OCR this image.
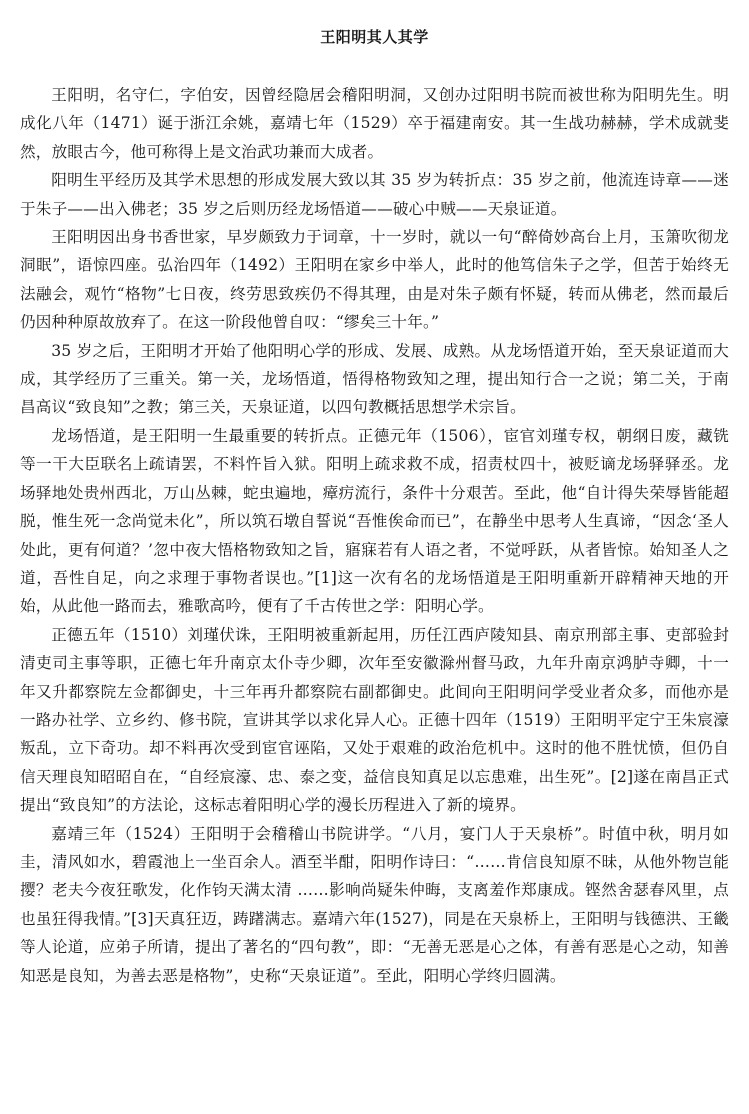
王阳明其人其学

王阳明，名守仁，字伯安，因曾经隐居会稽阳明洞，又创办过阳明书院而被世称为阳明先生。明成化八年（1471）诞于浙江余姚，嘉靖七年（1529）卒于福建南安。其一生战功赫赫，学术成就斐然，放眼古今，他可称得上是文治武功兼而大成者。

阳明生平经历及其学术思想的形成发展大致以其 35 岁为转折点：35 岁之前，他流连诗章——迷于朱子——出入佛老；35 岁之后则历经龙场悟道——破心中贼——天泉证道。

王阳明因出身书香世家，早岁颇致力于词章，十一岁时，就以一句“醉倚妙高台上月，玉箫吹彻龙洞眠”，语惊四座。弘治四年（1492）王阳明在家乡中举人，此时的他笃信朱子之学，但苦于始终无法融会，观竹“格物”七日夜，终劳思致疾仍不得其理，由是对朱子颇有怀疑，转而从佛老，然而最后仍因种种原故放弃了。在这一阶段他曾自叹：“缪矣三十年。”

35 岁之后，王阳明才开始了他阳明心学的形成、发展、成熟。从龙场悟道开始，至天泉证道而大成，其学经历了三重关。第一关，龙场悟道，悟得格物致知之理，提出知行合一之说；第二关，于南昌高议“致良知”之教；第三关，天泉证道，以四句教概括思想学术宗旨。

龙场悟道，是王阳明一生最重要的转折点。正德元年（1506），宦官刘瑾专权，朝纲日废，藏铣等一干大臣联名上疏请罢，不料忤旨入狱。阳明上疏求救不成，招责杖四十，被贬谪龙场驿驿丞。龙场驿地处贵州西北，万山丛棘，蛇虫遍地，瘴疠流行，条件十分艰苦。至此，他“自计得失荣辱皆能超脱，惟生死一念尚觉未化”，所以筑石墩自誓说“吾惟俟命而已”，在静坐中思考人生真谛，“因念‘圣人处此，更有何道？’忽中夜大悟格物致知之旨，寤寐若有人语之者，不觉呼跃，从者皆惊。始知圣人之道，吾性自足，向之求理于事物者误也。”[1]这一次有名的龙场悟道是王阳明重新开辟精神天地的开始，从此他一路而去，雅歌高吟，便有了千古传世之学：阳明心学。

正德五年（1510）刘瑾伏诛，王阳明被重新起用，历任江西庐陵知县、南京刑部主事、吏部验封清吏司主事等职，正德七年升南京太仆寺少卿，次年至安徽滁州督马政，九年升南京鸿胪寺卿，十一年又升都察院左佥都御史，十三年再升都察院右副都御史。此间向王阳明问学受业者众多，而他亦是一路办社学、立乡约、修书院，宣讲其学以求化异人心。正德十四年（1519）王阳明平定宁王朱宸濠叛乱，立下奇功。却不料再次受到宦官诬陷，又处于艰难的政治危机中。这时的他不胜忧愤，但仍自信天理良知昭昭自在，“自经宸濠、忠、泰之变，益信良知真足以忘患难，出生死”。[2]遂在南昌正式提出“致良知”的方法论，这标志着阳明心学的漫长历程进入了新的境界。

嘉靖三年（1524）王阳明于会稽稽山书院讲学。“八月，宴门人于天泉桥”。时值中秋，明月如圭，清风如水，碧霞池上一坐百余人。酒至半酣，阳明作诗曰：“……肯信良知原不昧，从他外物岂能撄？老夫今夜狂歌发，化作钧天满太清 ……影响尚疑朱仲晦，支离羞作郑康成。铿然舍瑟春风里，点也虽狂得我情。”[3]天真狂迈，踌躇满志。嘉靖六年(1527)，同是在天泉桥上，王阳明与钱德洪、王畿等人论道，应弟子所请，提出了著名的“四句教”，即：“无善无恶是心之体，有善有恶是心之动，知善知恶是良知，为善去恶是格物”，史称“天泉证道”。至此，阳明心学终归圆满。
